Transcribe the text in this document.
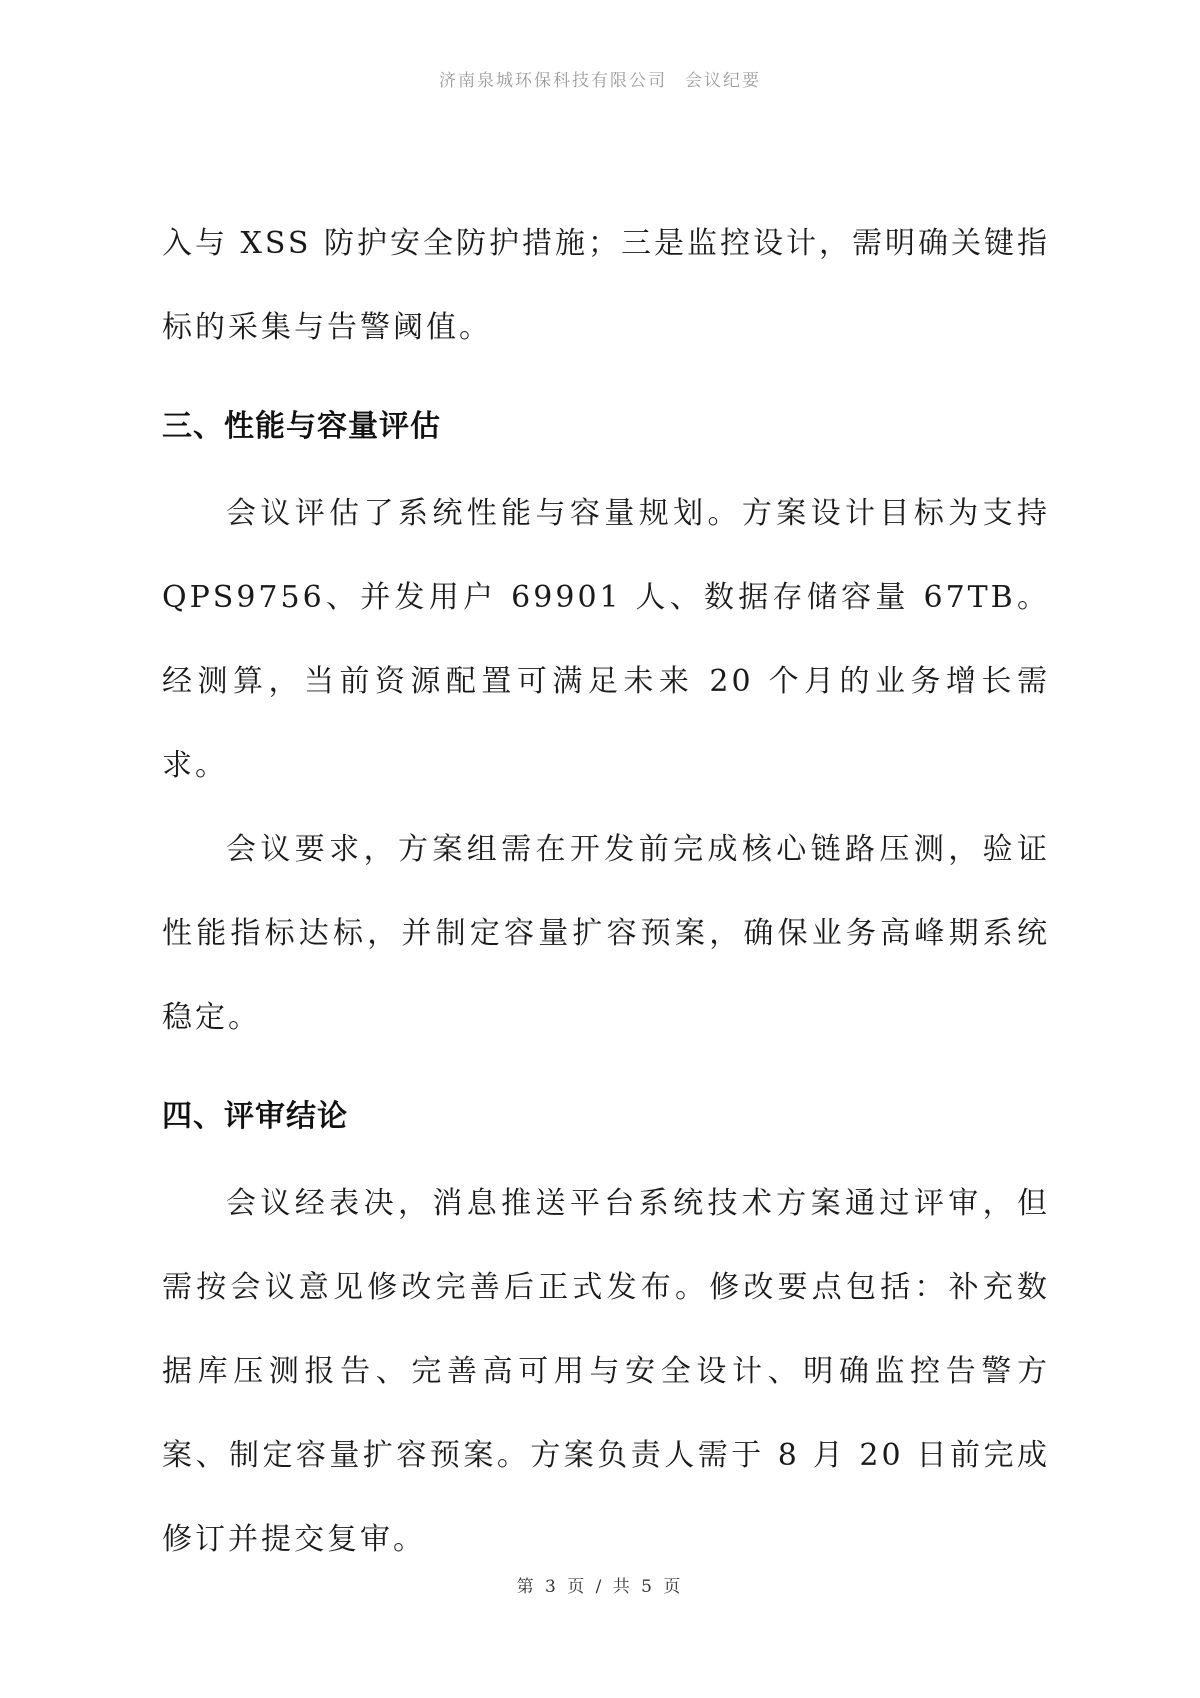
济南泉城环保科技有限公司 会议纪要

入与 XSS 防护安全防护措施；三是监控设计，需明确关键指标的采集与告警阈值。

三、性能与容量评估

会议评估了系统性能与容量规划。方案设计目标为支持 QPS9756、并发用户 69901 人、数据存储容量 67TB。经测算，当前资源配置可满足未来 20 个月的业务增长需求。

会议要求，方案组需在开发前完成核心链路压测，验证性能指标达标，并制定容量扩容预案，确保业务高峰期系统稳定。

四、评审结论

会议经表决，消息推送平台系统技术方案通过评审，但需按会议意见修改完善后正式发布。修改要点包括：补充数据库压测报告、完善高可用与安全设计、明确监控告警方案、制定容量扩容预案。方案负责人需于 8 月 20 日前完成修订并提交复审。

第 3 页 / 共 5 页
